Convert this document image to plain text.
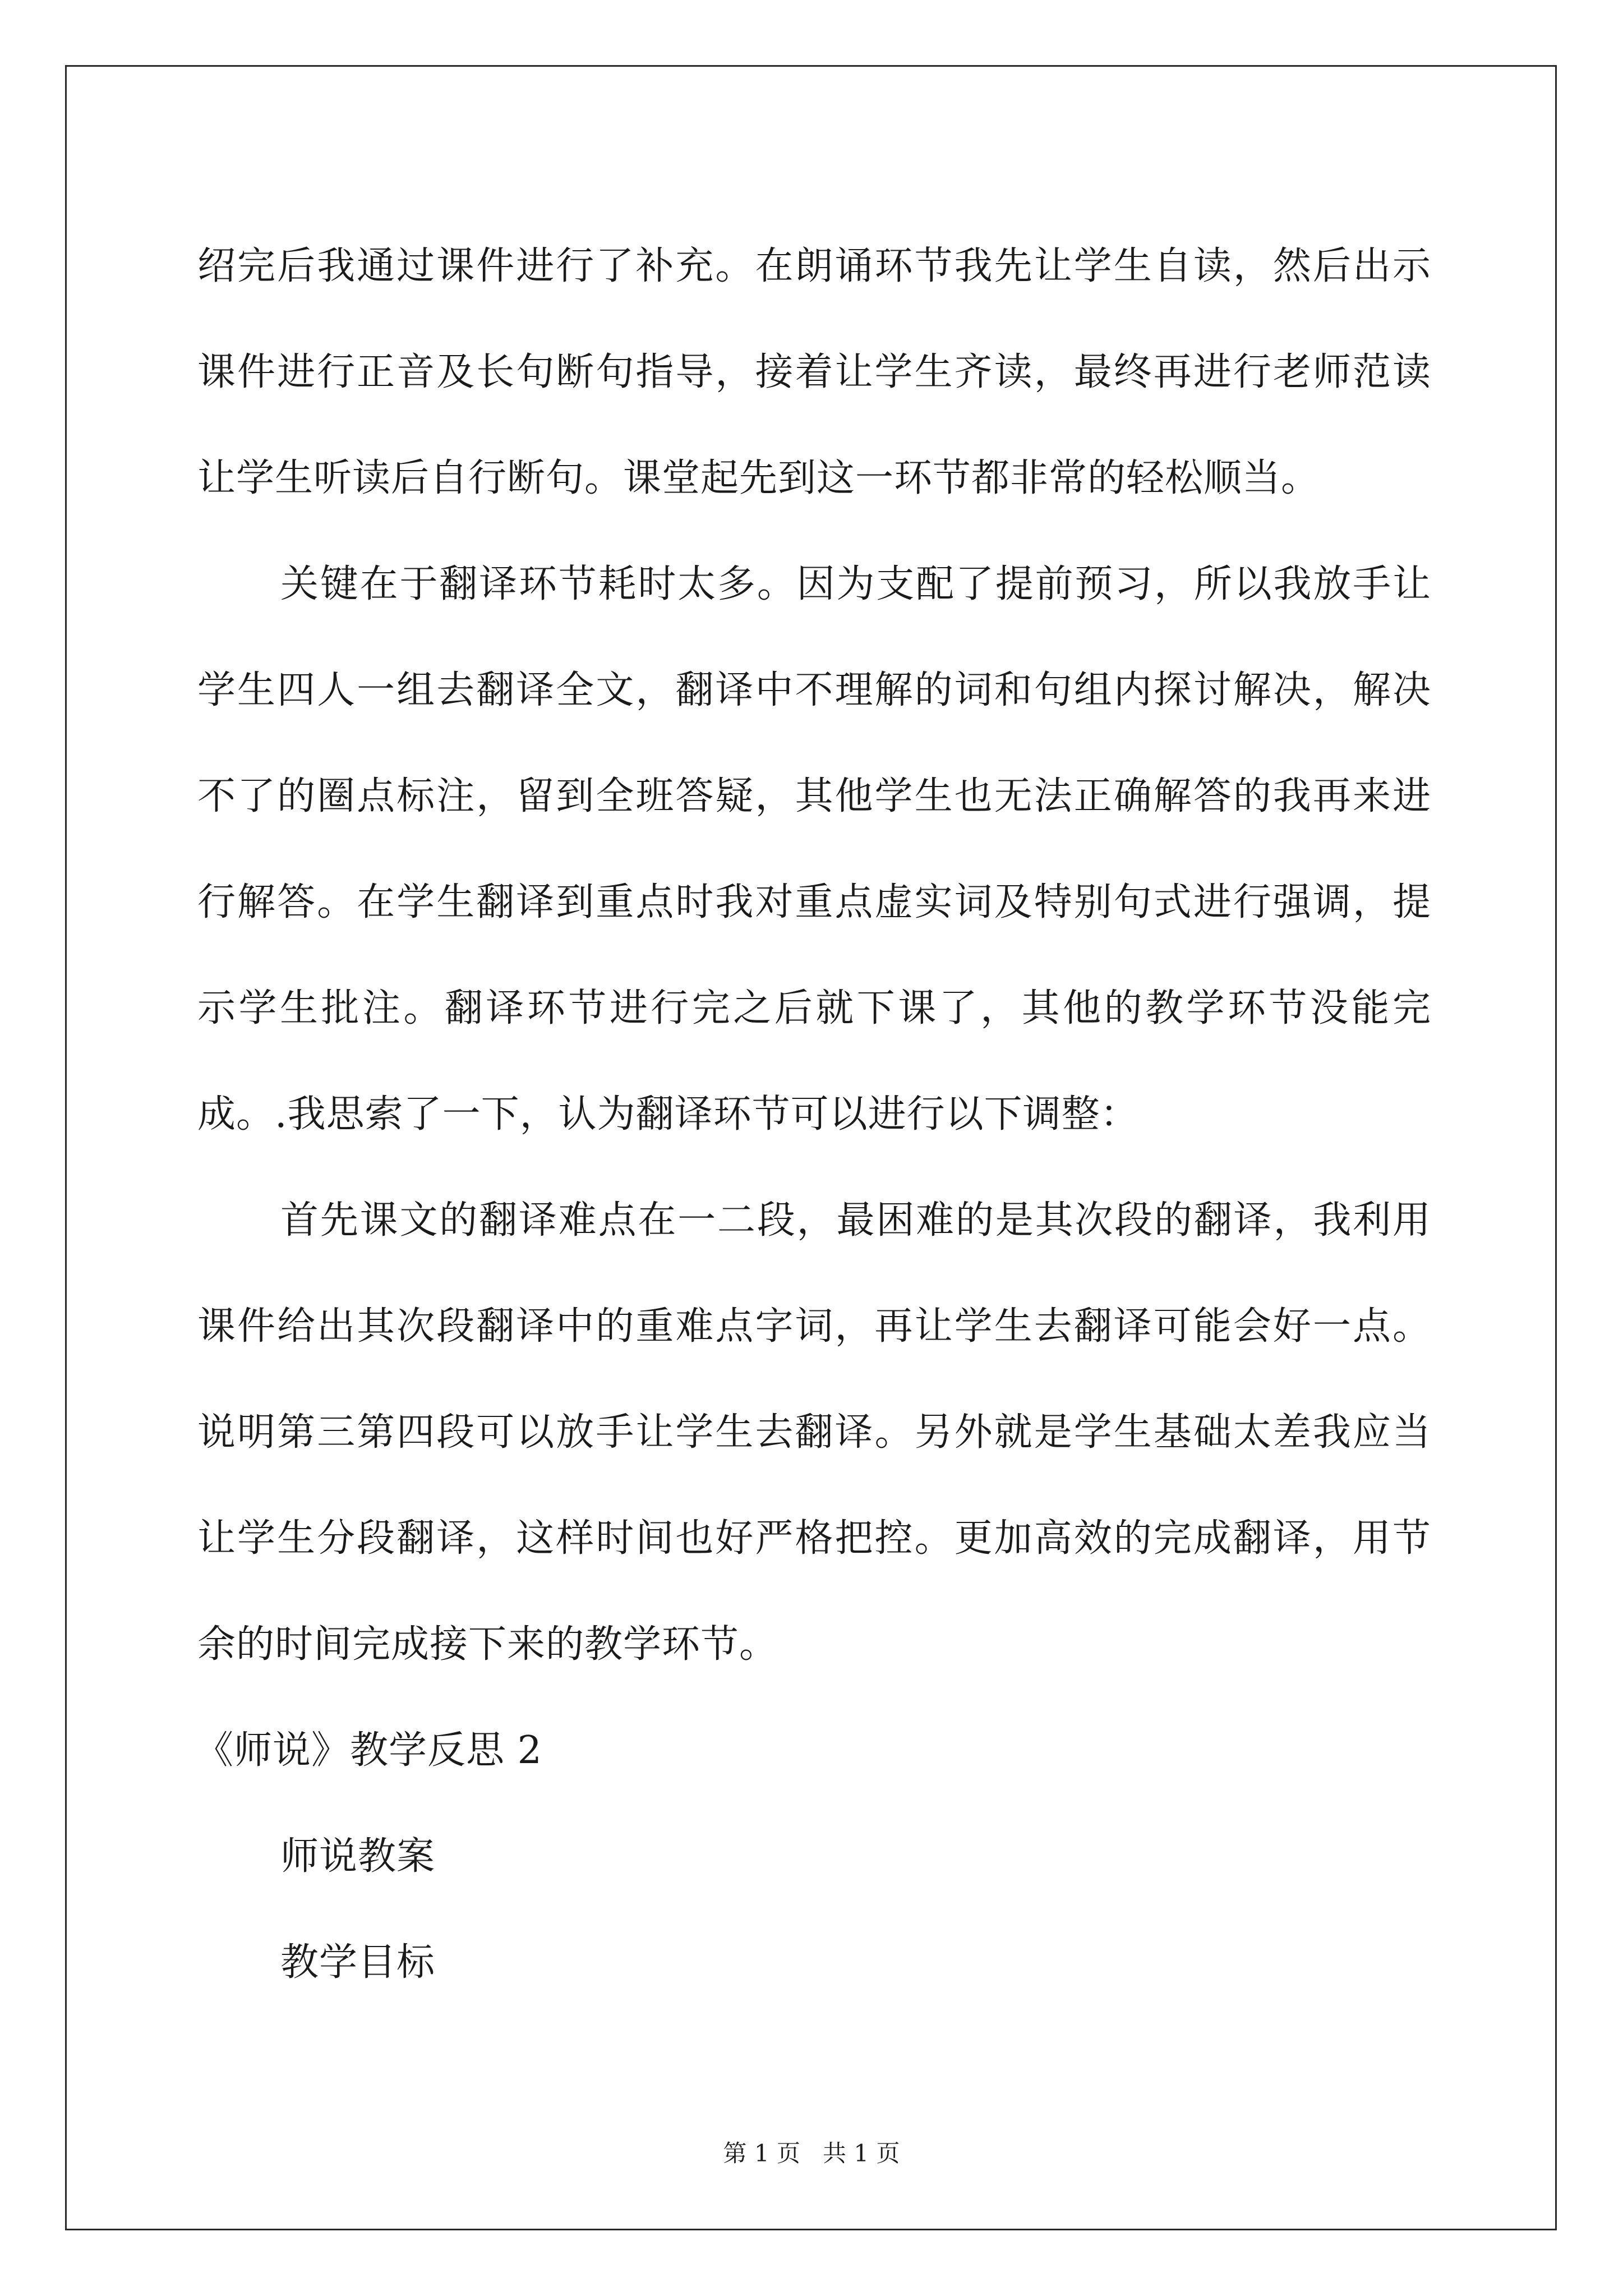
绍完后我通过课件进行了补充。在朗诵环节我先让学生自读，然后出示课件进行正音及长句断句指导，接着让学生齐读，最终再进行老师范读让学生听读后自行断句。课堂起先到这一环节都非常的轻松顺当。

关键在于翻译环节耗时太多。因为支配了提前预习，所以我放手让学生四人一组去翻译全文，翻译中不理解的词和句组内探讨解决，解决不了的圈点标注，留到全班答疑，其他学生也无法正确解答的我再来进行解答。在学生翻译到重点时我对重点虚实词及特别句式进行强调，提示学生批注。翻译环节进行完之后就下课了，其他的教学环节没能完成。.我思索了一下，认为翻译环节可以进行以下调整：

首先课文的翻译难点在一二段，最困难的是其次段的翻译，我利用课件给出其次段翻译中的重难点字词，再让学生去翻译可能会好一点。说明第三第四段可以放手让学生去翻译。另外就是学生基础太差我应当让学生分段翻译，这样时间也好严格把控。更加高效的完成翻译，用节余的时间完成接下来的教学环节。

《师说》教学反思 2

师说教案

教学目标

第 1 页 共 1 页
